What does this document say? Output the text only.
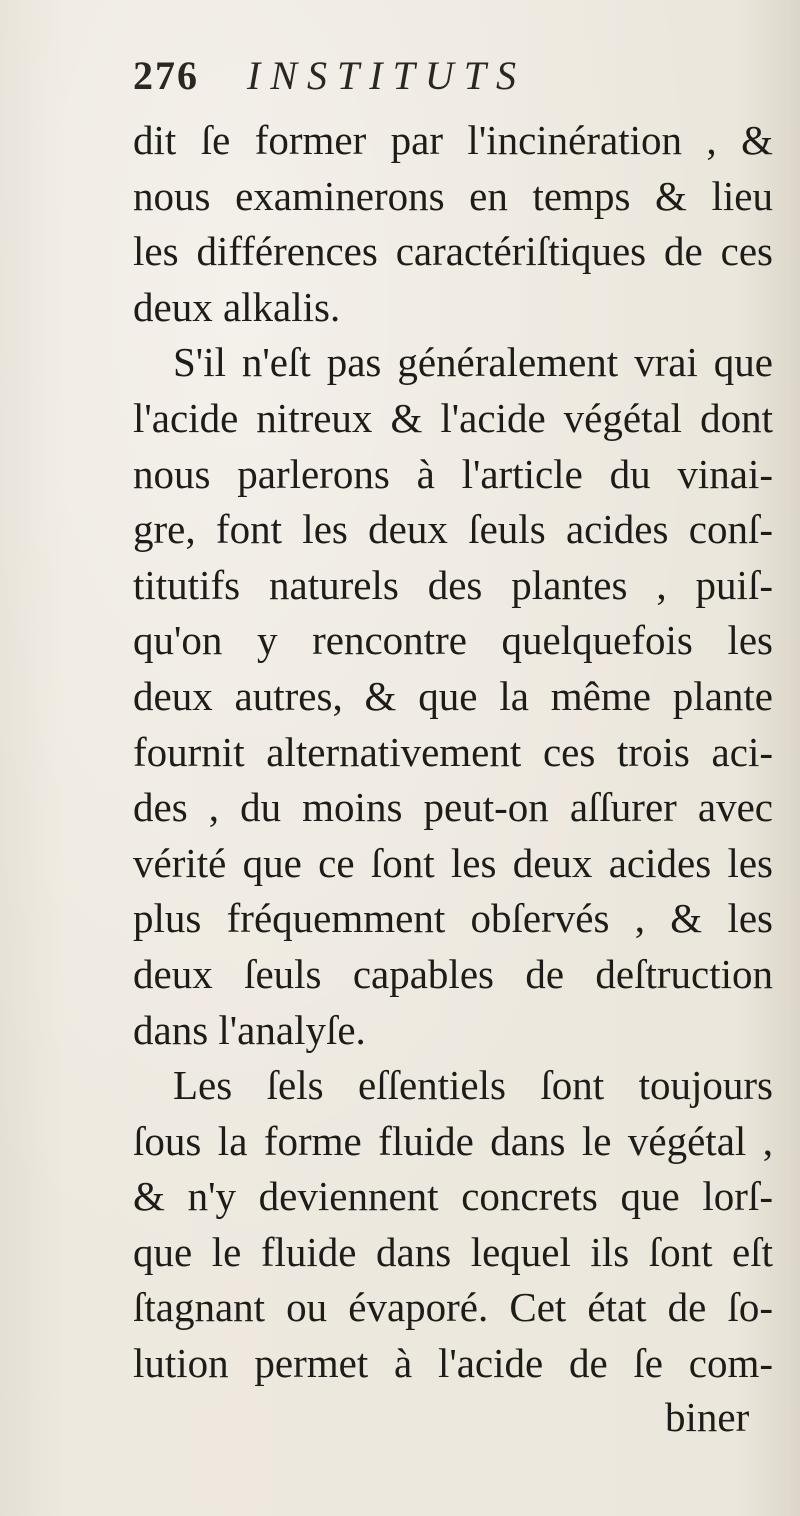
276 INSTITUTS
dit ſe former par l'incinération , &
nous examinerons en temps & lieu
les différences caractériſtiques de ces
deux alkalis.
S'il n'eſt pas généralement vrai que
l'acide nitreux & l'acide végétal dont
nous parlerons à l'article du vinai-
gre, font les deux ſeuls acides conſ-
titutifs naturels des plantes , puiſ-
qu'on y rencontre quelquefois les
deux autres, & que la même plante
fournit alternativement ces trois aci-
des , du moins peut-on aſſurer avec
vérité que ce ſont les deux acides les
plus fréquemment obſervés , & les
deux ſeuls capables de deſtruction
dans l'analyſe.
Les ſels eſſentiels ſont toujours
ſous la forme fluide dans le végétal ,
& n'y deviennent concrets que lorſ-
que le fluide dans lequel ils ſont eſt
ſtagnant ou évaporé. Cet état de ſo-
lution permet à l'acide de ſe com-
biner
